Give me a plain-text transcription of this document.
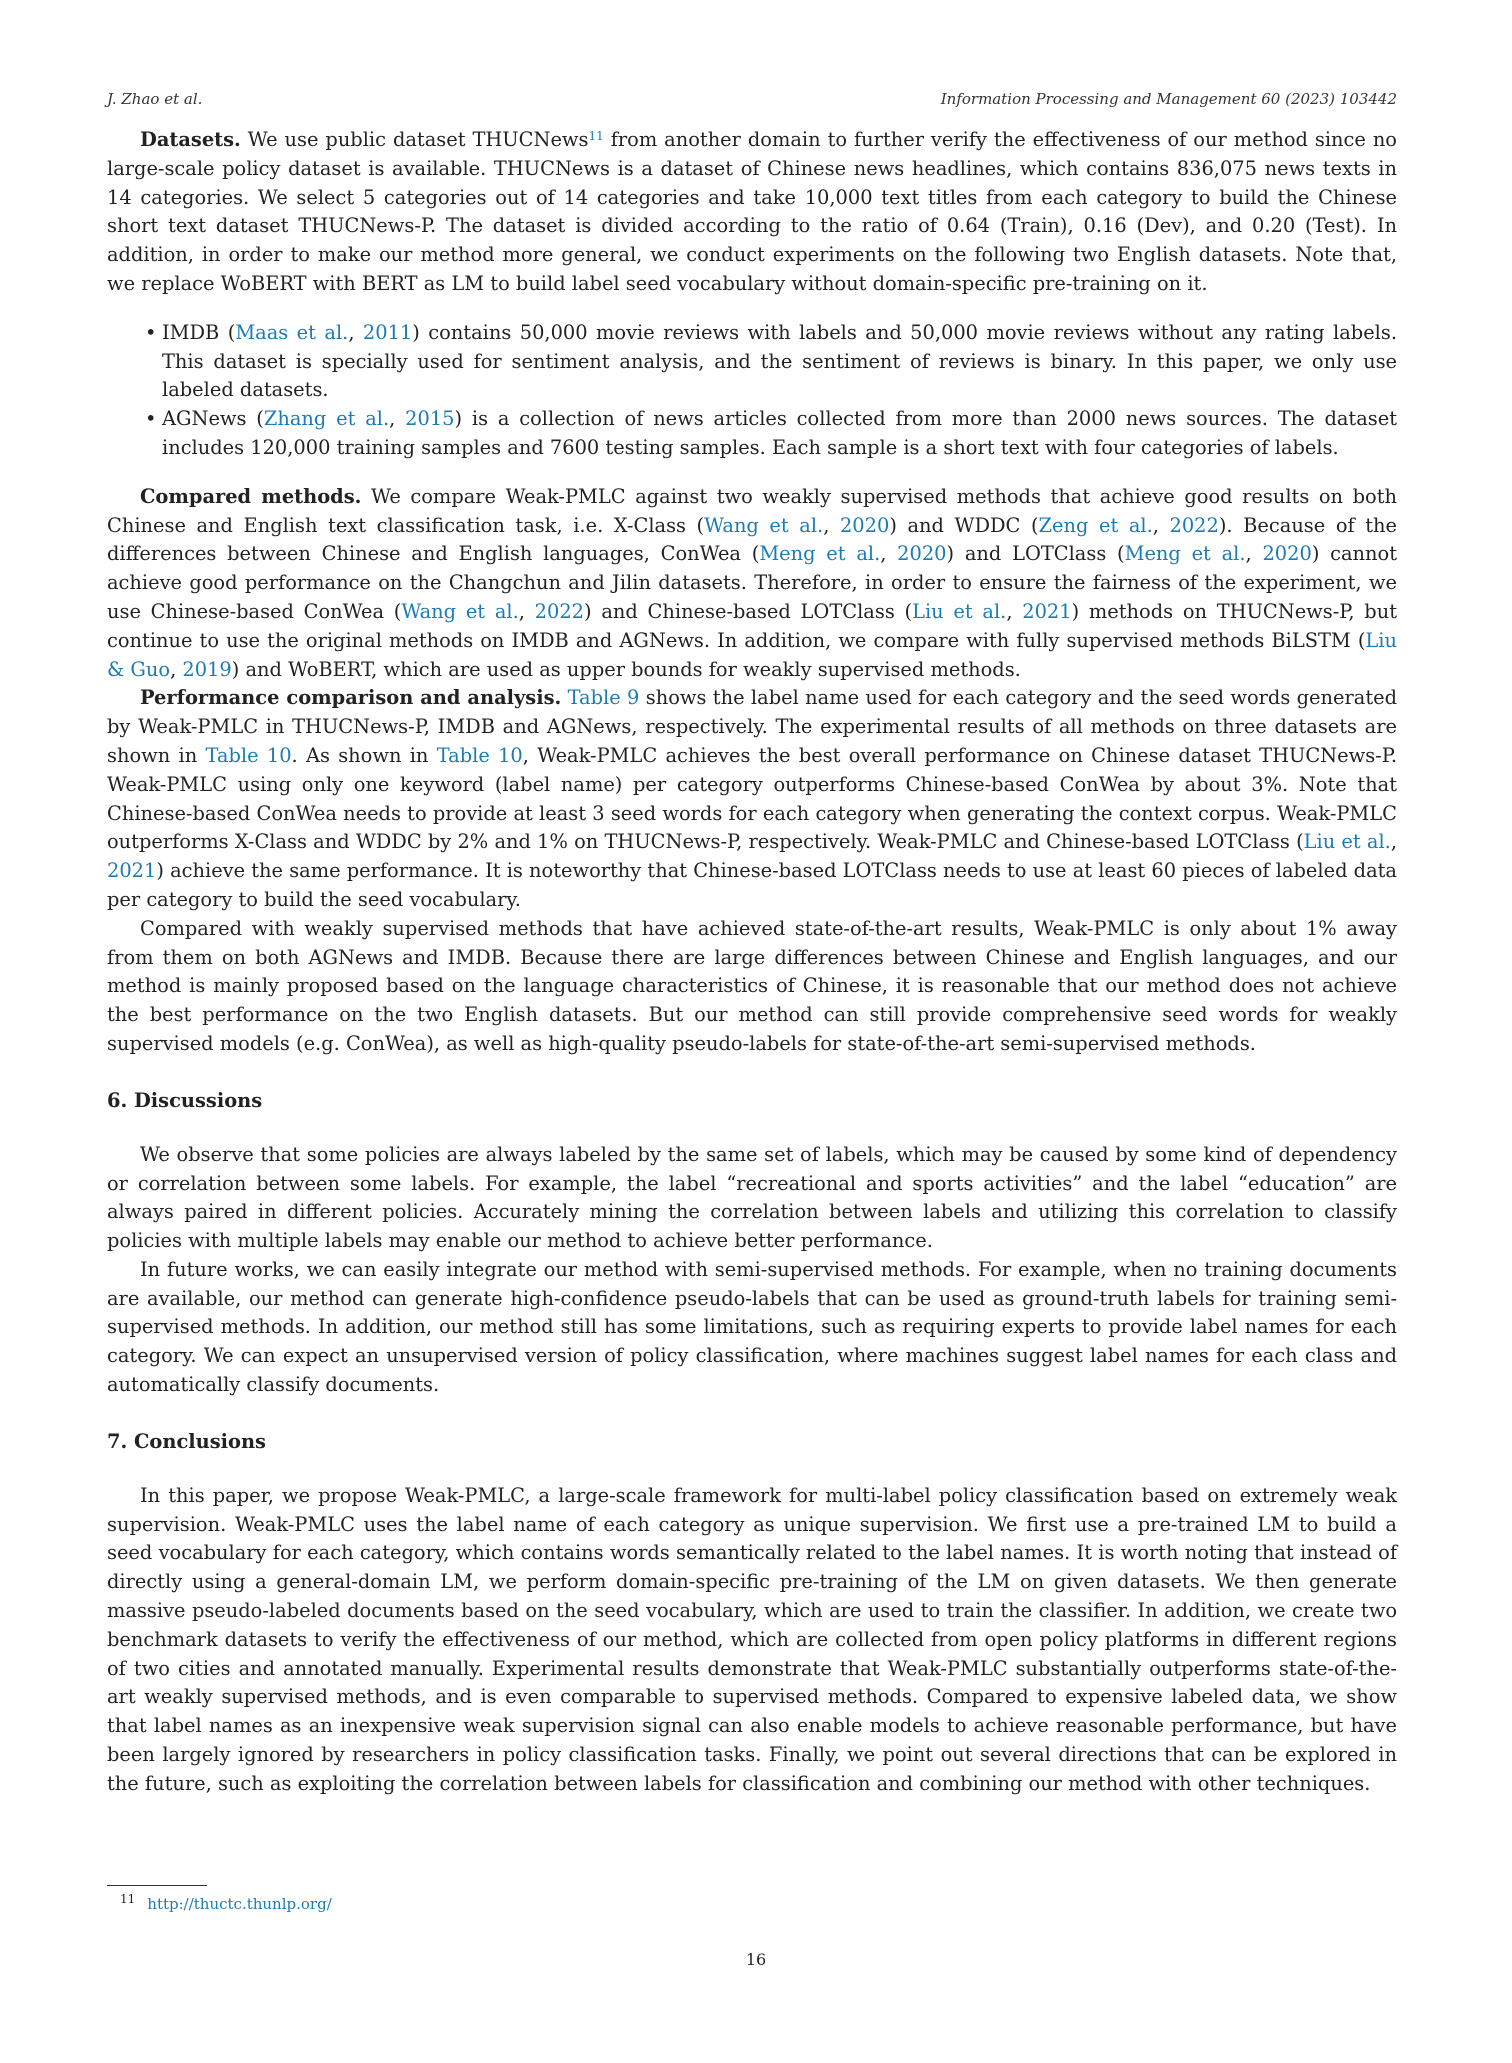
J. Zhao et al.	Information Processing and Management 60 (2023) 103442

Datasets. We use public dataset THUCNews$^{11}$ from another domain to further verify the effectiveness of our method since no large-scale policy dataset is available. THUCNews is a dataset of Chinese news headlines, which contains 836,075 news texts in 14 categories. We select 5 categories out of 14 categories and take 10,000 text titles from each category to build the Chinese short text dataset THUCNews-P. The dataset is divided according to the ratio of 0.64 (Train), 0.16 (Dev), and 0.20 (Test). In addition, in order to make our method more general, we conduct experiments on the following two English datasets. Note that, we replace WoBERT with BERT as LM to build label seed vocabulary without domain-specific pre-training on it.

• IMDB (Maas et al., 2011) contains 50,000 movie reviews with labels and 50,000 movie reviews without any rating labels. This dataset is specially used for sentiment analysis, and the sentiment of reviews is binary. In this paper, we only use labeled datasets.
• AGNews (Zhang et al., 2015) is a collection of news articles collected from more than 2000 news sources. The dataset includes 120,000 training samples and 7600 testing samples. Each sample is a short text with four categories of labels.

Compared methods. We compare Weak-PMLC against two weakly supervised methods that achieve good results on both Chinese and English text classification task, i.e. X-Class (Wang et al., 2020) and WDDC (Zeng et al., 2022). Because of the differences between Chinese and English languages, ConWea (Meng et al., 2020) and LOTClass (Meng et al., 2020) cannot achieve good performance on the Changchun and Jilin datasets. Therefore, in order to ensure the fairness of the experiment, we use Chinese-based ConWea (Wang et al., 2022) and Chinese-based LOTClass (Liu et al., 2021) methods on THUCNews-P, but continue to use the original methods on IMDB and AGNews. In addition, we compare with fully supervised methods BiLSTM (Liu & Guo, 2019) and WoBERT, which are used as upper bounds for weakly supervised methods.

Performance comparison and analysis. Table 9 shows the label name used for each category and the seed words generated by Weak-PMLC in THUCNews-P, IMDB and AGNews, respectively. The experimental results of all methods on three datasets are shown in Table 10. As shown in Table 10, Weak-PMLC achieves the best overall performance on Chinese dataset THUCNews-P. Weak-PMLC using only one keyword (label name) per category outperforms Chinese-based ConWea by about 3%. Note that Chinese-based ConWea needs to provide at least 3 seed words for each category when generating the context corpus. Weak-PMLC outperforms X-Class and WDDC by 2% and 1% on THUCNews-P, respectively. Weak-PMLC and Chinese-based LOTClass (Liu et al., 2021) achieve the same performance. It is noteworthy that Chinese-based LOTClass needs to use at least 60 pieces of labeled data per category to build the seed vocabulary.

Compared with weakly supervised methods that have achieved state-of-the-art results, Weak-PMLC is only about 1% away from them on both AGNews and IMDB. Because there are large differences between Chinese and English languages, and our method is mainly proposed based on the language characteristics of Chinese, it is reasonable that our method does not achieve the best performance on the two English datasets. But our method can still provide comprehensive seed words for weakly supervised models (e.g. ConWea), as well as high-quality pseudo-labels for state-of-the-art semi-supervised methods.

6. Discussions

We observe that some policies are always labeled by the same set of labels, which may be caused by some kind of dependency or correlation between some labels. For example, the label “recreational and sports activities” and the label “education” are always paired in different policies. Accurately mining the correlation between labels and utilizing this correlation to classify policies with multiple labels may enable our method to achieve better performance.

In future works, we can easily integrate our method with semi-supervised methods. For example, when no training documents are available, our method can generate high-confidence pseudo-labels that can be used as ground-truth labels for training semi-supervised methods. In addition, our method still has some limitations, such as requiring experts to provide label names for each category. We can expect an unsupervised version of policy classification, where machines suggest label names for each class and automatically classify documents.

7. Conclusions

In this paper, we propose Weak-PMLC, a large-scale framework for multi-label policy classification based on extremely weak supervision. Weak-PMLC uses the label name of each category as unique supervision. We first use a pre-trained LM to build a seed vocabulary for each category, which contains words semantically related to the label names. It is worth noting that instead of directly using a general-domain LM, we perform domain-specific pre-training of the LM on given datasets. We then generate massive pseudo-labeled documents based on the seed vocabulary, which are used to train the classifier. In addition, we create two benchmark datasets to verify the effectiveness of our method, which are collected from open policy platforms in different regions of two cities and annotated manually. Experimental results demonstrate that Weak-PMLC substantially outperforms state-of-the-art weakly supervised methods, and is even comparable to supervised methods. Compared to expensive labeled data, we show that label names as an inexpensive weak supervision signal can also enable models to achieve reasonable performance, but have been largely ignored by researchers in policy classification tasks. Finally, we point out several directions that can be explored in the future, such as exploiting the correlation between labels for classification and combining our method with other techniques.

$^{11}$ http://thuctc.thunlp.org/
16
